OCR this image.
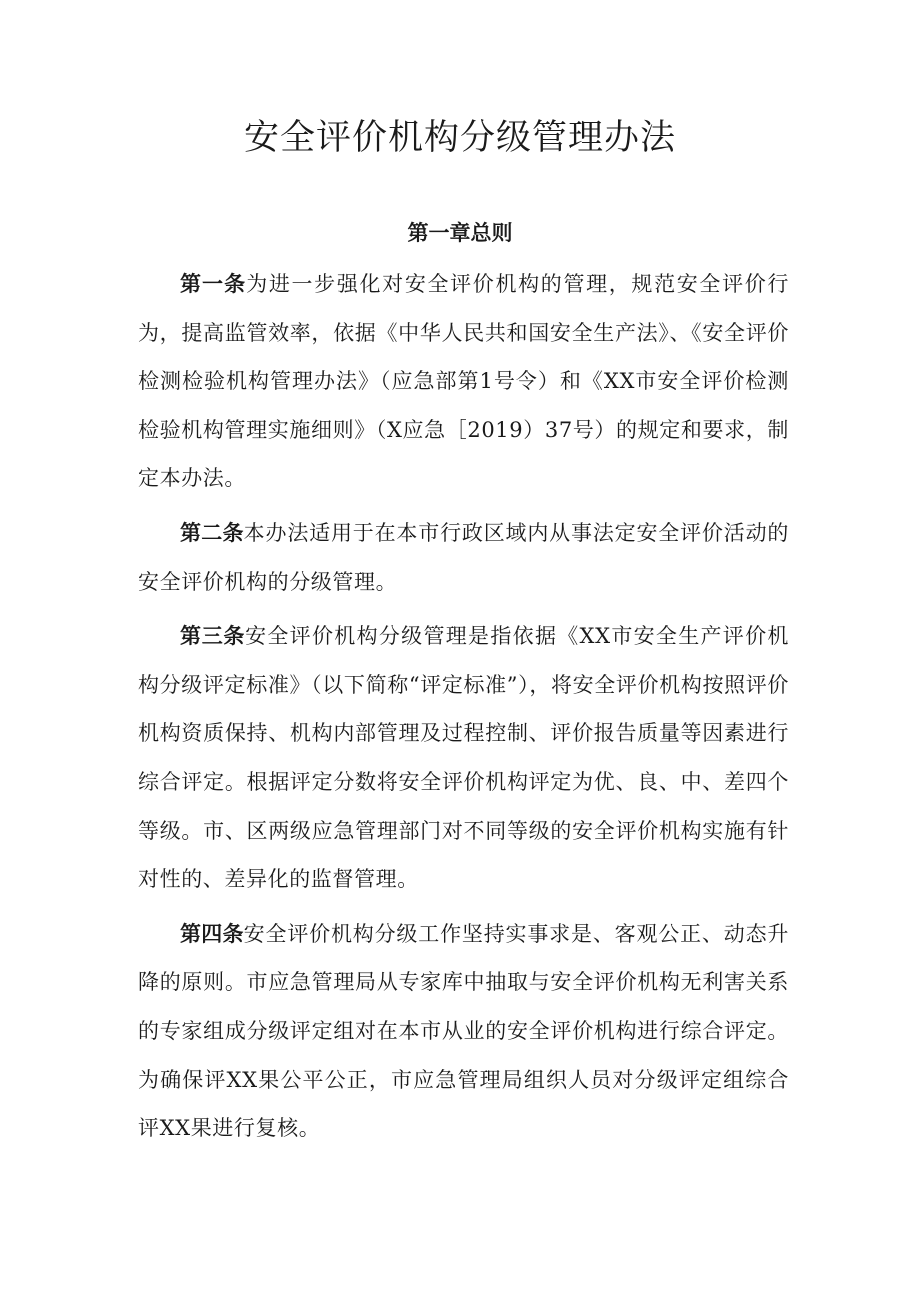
安全评价机构分级管理办法
第一章总则

第一条为进一步强化对安全评价机构的管理，规范安全评价行为，提高监管效率，依据《中华人民共和国安全生产法》、《安全评价检测检验机构管理办法》（应急部第1号令）和《XX市安全评价检测检验机构管理实施细则》（X应急［2019）37号）的规定和要求，制定本办法。

第二条本办法适用于在本市行政区域内从事法定安全评价活动的安全评价机构的分级管理。

第三条安全评价机构分级管理是指依据《XX市安全生产评价机构分级评定标准》（以下简称“评定标准”），将安全评价机构按照评价机构资质保持、机构内部管理及过程控制、评价报告质量等因素进行综合评定。根据评定分数将安全评价机构评定为优、良、中、差四个等级。市、区两级应急管理部门对不同等级的安全评价机构实施有针对性的、差异化的监督管理。

第四条安全评价机构分级工作坚持实事求是、客观公正、动态升降的原则。市应急管理局从专家库中抽取与安全评价机构无利害关系的专家组成分级评定组对在本市从业的安全评价机构进行综合评定。为确保评XX果公平公正，市应急管理局组织人员对分级评定组综合评XX果进行复核。
